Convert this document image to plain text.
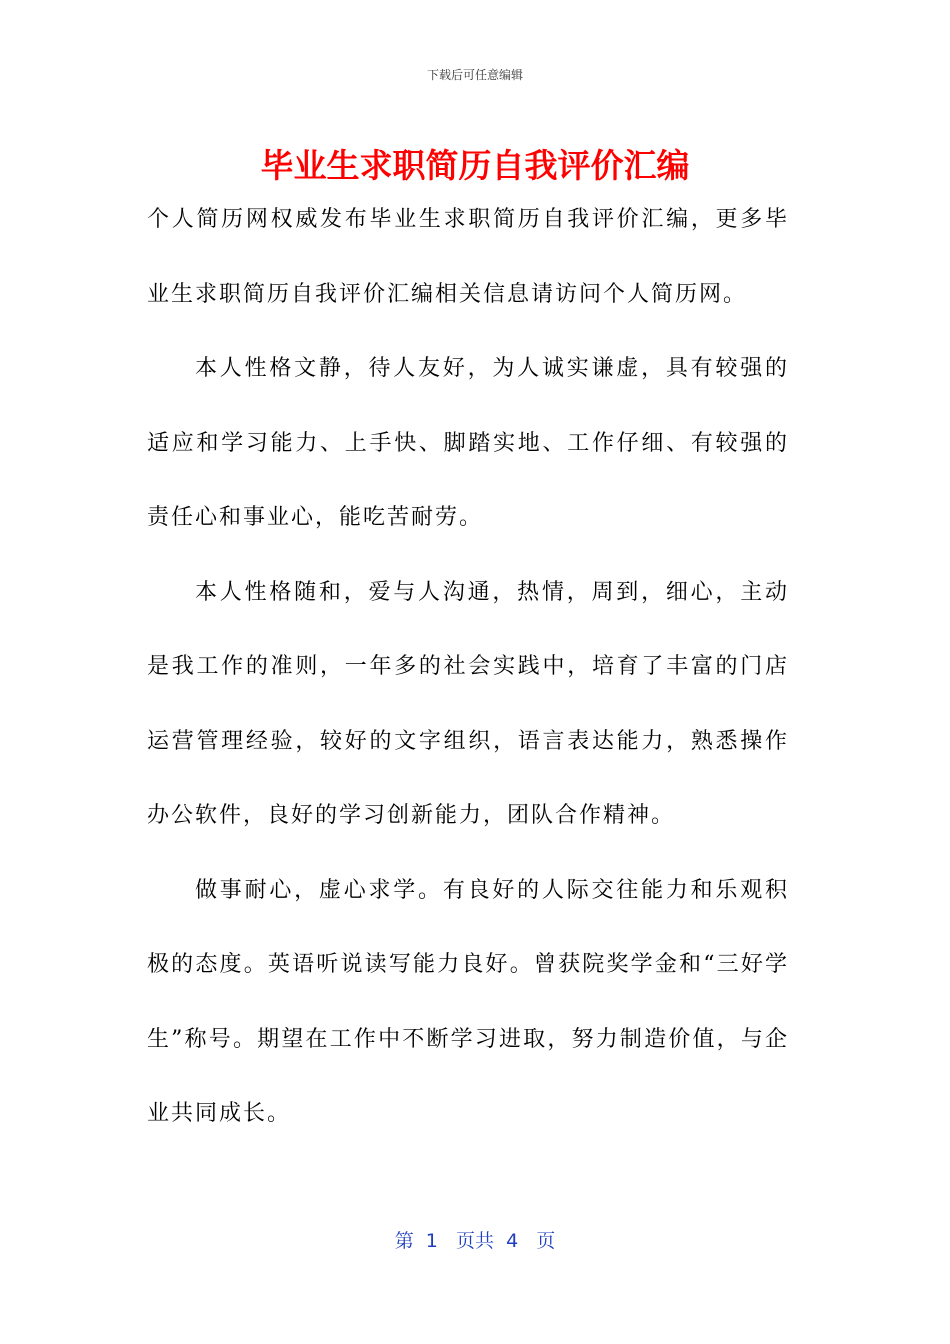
下载后可任意编辑
毕业生求职简历自我评价汇编

个人简历网权威发布毕业生求职简历自我评价汇编，更多毕业生求职简历自我评价汇编相关信息请访问个人简历网。

本人性格文静，待人友好，为人诚实谦虚，具有较强的适应和学习能力、上手快、脚踏实地、工作仔细、有较强的责任心和事业心，能吃苦耐劳。

本人性格随和，爱与人沟通，热情，周到，细心，主动是我工作的准则，一年多的社会实践中，培育了丰富的门店运营管理经验，较好的文字组织，语言表达能力，熟悉操作办公软件，良好的学习创新能力，团队合作精神。

做事耐心，虚心求学。有良好的人际交往能力和乐观积极的态度。英语听说读写能力良好。曾获院奖学金和“三好学生”称号。期望在工作中不断学习进取，努力制造价值，与企业共同成长。

第  1   页共  4   页
